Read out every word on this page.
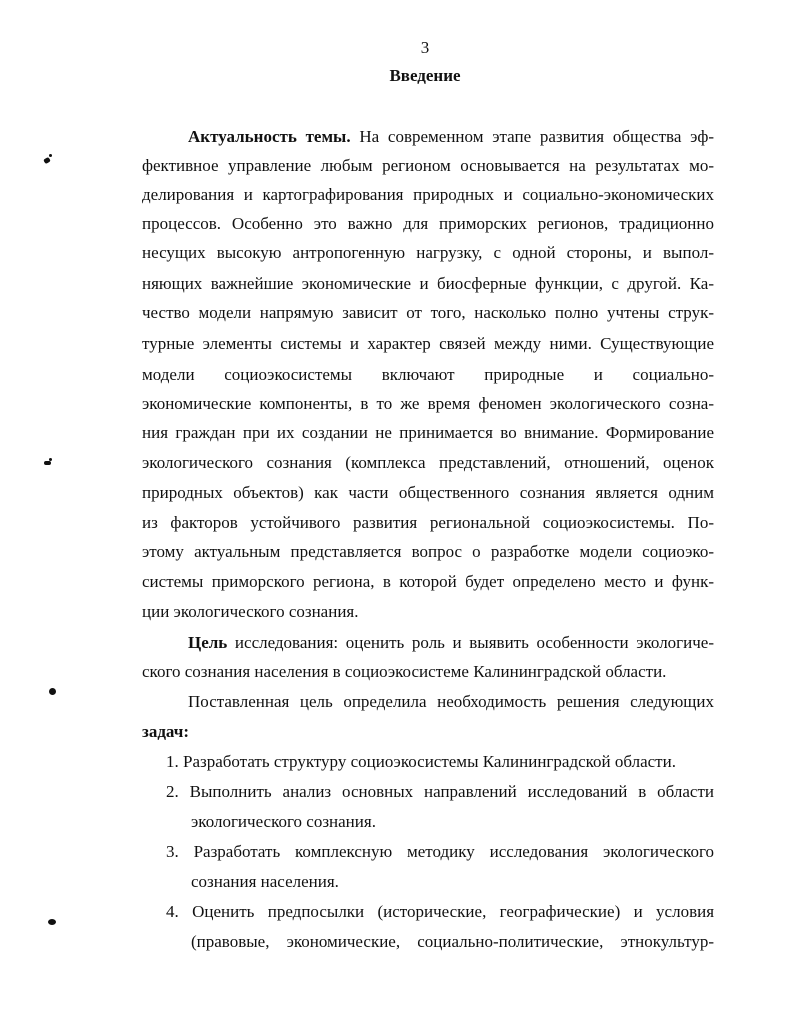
3
Введение
Актуальность темы. На современном этапе развития общества эф-
фективное управление любым регионом основывается на результатах мо-
делирования и картографирования природных и социально-экономических
процессов. Особенно это важно для приморских регионов, традиционно
несущих высокую антропогенную нагрузку, с одной стороны, и выпол-
няющих важнейшие экономические и биосферные функции, с другой. Ка-
чество модели напрямую зависит от того, насколько полно учтены струк-
турные элементы системы и характер связей между ними. Существующие
модели социоэкосистемы включают природные и социально-
экономические компоненты, в то же время феномен экологического созна-
ния граждан при их создании не принимается во внимание. Формирование
экологического сознания (комплекса представлений, отношений, оценок
природных объектов) как части общественного сознания является одним
из факторов устойчивого развития региональной социоэкосистемы. По-
этому актуальным представляется вопрос о разработке модели социоэко-
системы приморского региона, в которой будет определено место и функ-
ции экологического сознания.
Цель исследования: оценить роль и выявить особенности экологиче-
ского сознания населения в социоэкосистеме Калининградской области.
Поставленная цель определила необходимость решения следующих
задач:
1. Разработать структуру социоэкосистемы Калининградской области.
2. Выполнить анализ основных направлений исследований в области
экологического сознания.
3. Разработать комплексную методику исследования экологического
сознания населения.
4. Оценить предпосылки (исторические, географические) и условия
(правовые, экономические, социально-политические, этнокультур-
